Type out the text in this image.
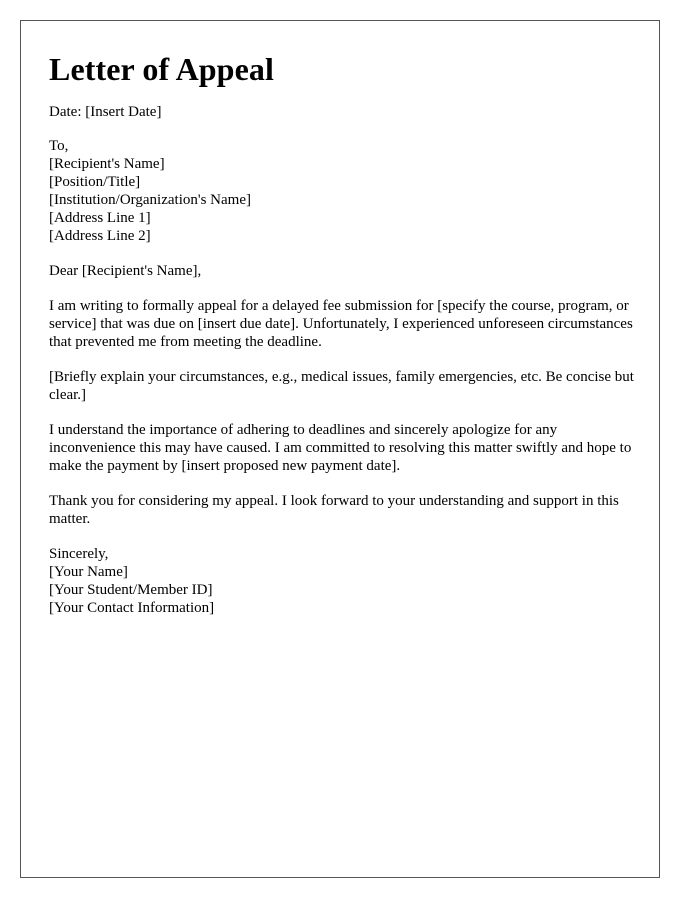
Letter of Appeal

Date: [Insert Date]

To,
[Recipient's Name]
[Position/Title]
[Institution/Organization's Name]
[Address Line 1]
[Address Line 2]

Dear [Recipient's Name],

I am writing to formally appeal for a delayed fee submission for [specify the course, program, or service] that was due on [insert due date]. Unfortunately, I experienced unforeseen circumstances that prevented me from meeting the deadline.

[Briefly explain your circumstances, e.g., medical issues, family emergencies, etc. Be concise but clear.]

I understand the importance of adhering to deadlines and sincerely apologize for any inconvenience this may have caused. I am committed to resolving this matter swiftly and hope to make the payment by [insert proposed new payment date].

Thank you for considering my appeal. I look forward to your understanding and support in this matter.

Sincerely,
[Your Name]
[Your Student/Member ID]
[Your Contact Information]
